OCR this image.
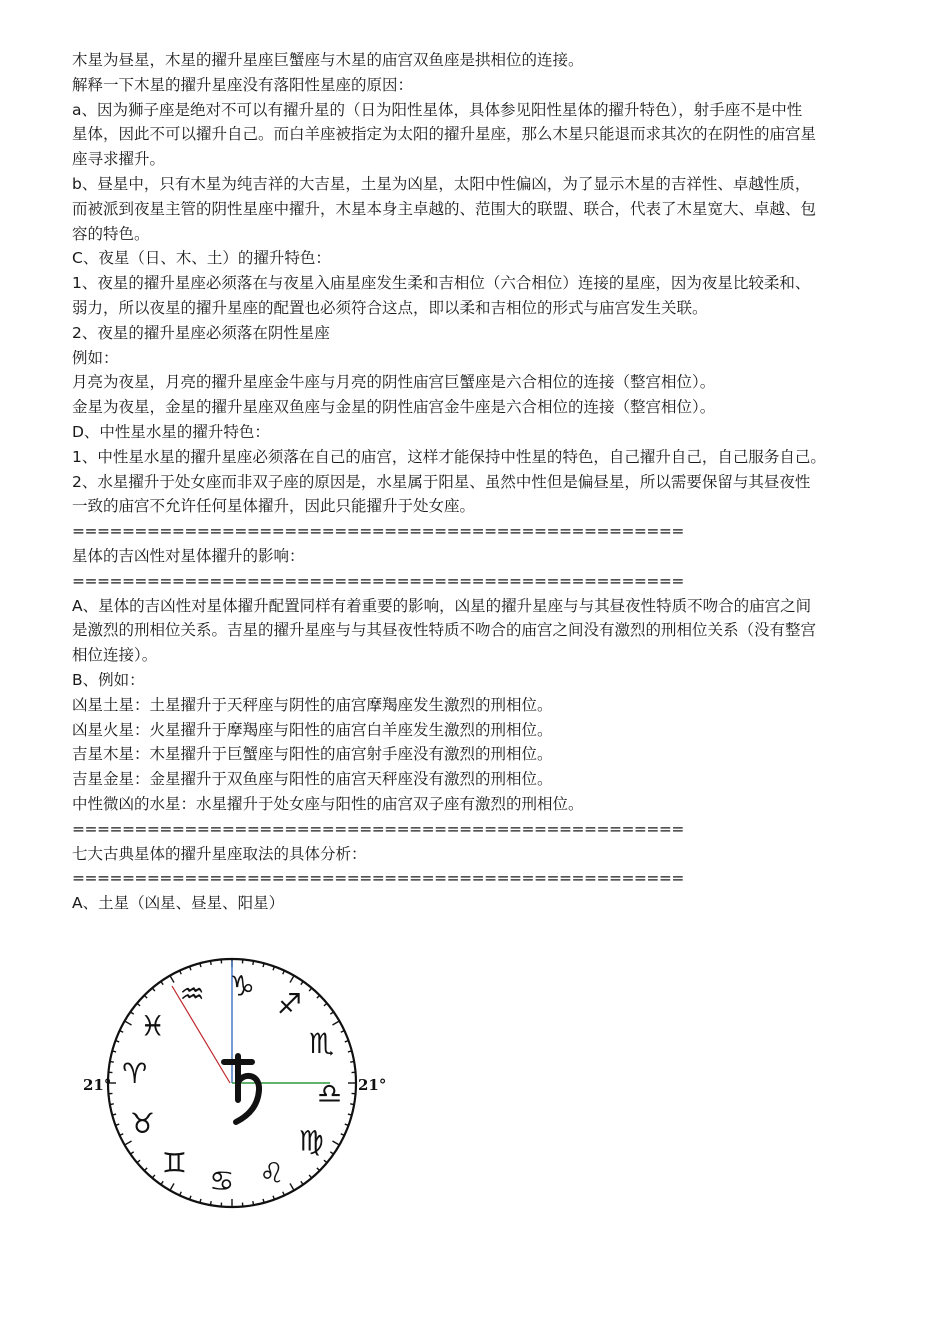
木星为昼星，木星的擢升星座巨蟹座与木星的庙宫双鱼座是拱相位的连接。

解释一下木星的擢升星座没有落阳性星座的原因：

a、因为狮子座是绝对不可以有擢升星的（日为阳性星体，具体参见阳性星体的擢升特色），射手座不是中性

星体，因此不可以擢升自己。而白羊座被指定为太阳的擢升星座，那么木星只能退而求其次的在阴性的庙宫星

座寻求擢升。

b、昼星中，只有木星为纯吉祥的大吉星，土星为凶星，太阳中性偏凶，为了显示木星的吉祥性、卓越性质，

而被派到夜星主管的阴性星座中擢升，木星本身主卓越的、范围大的联盟、联合，代表了木星宽大、卓越、包

容的特色。

C、夜星（日、木、土）的擢升特色：

1、夜星的擢升星座必须落在与夜星入庙星座发生柔和吉相位（六合相位）连接的星座，因为夜星比较柔和、

弱力，所以夜星的擢升星座的配置也必须符合这点，即以柔和吉相位的形式与庙宫发生关联。

2、夜星的擢升星座必须落在阴性星座

例如：

月亮为夜星，月亮的擢升星座金牛座与月亮的阴性庙宫巨蟹座是六合相位的连接（整宫相位）。

金星为夜星，金星的擢升星座双鱼座与金星的阴性庙宫金牛座是六合相位的连接（整宫相位）。

D、中性星水星的擢升特色：

1、中性星水星的擢升星座必须落在自己的庙宫，这样才能保持中性星的特色，自己擢升自己，自己服务自己。

2、水星擢升于处女座而非双子座的原因是，水星属于阳星、虽然中性但是偏昼星，所以需要保留与其昼夜性

一致的庙宫不允许任何星体擢升，因此只能擢升于处女座。

=================================================

星体的吉凶性对星体擢升的影响：

=================================================

A、星体的吉凶性对星体擢升配置同样有着重要的影响，凶星的擢升星座与与其昼夜性特质不吻合的庙宫之间

是激烈的刑相位关系。吉星的擢升星座与与其昼夜性特质不吻合的庙宫之间没有激烈的刑相位关系（没有整宫

相位连接）。

B、例如：

凶星土星：土星擢升于天秤座与阴性的庙宫摩羯座发生激烈的刑相位。

凶星火星：火星擢升于摩羯座与阳性的庙宫白羊座发生激烈的刑相位。

吉星木星：木星擢升于巨蟹座与阳性的庙宫射手座没有激烈的刑相位。

吉星金星：金星擢升于双鱼座与阳性的庙宫天秤座没有激烈的刑相位。

中性微凶的水星：水星擢升于处女座与阳性的庙宫双子座有激烈的刑相位。

=================================================

七大古典星体的擢升星座取法的具体分析：

=================================================

A、土星（凶星、昼星、阳星）

♑
♐
♏
♎
♍
♌
♋
♊
♉
♈
♓
♒
21°	21°
